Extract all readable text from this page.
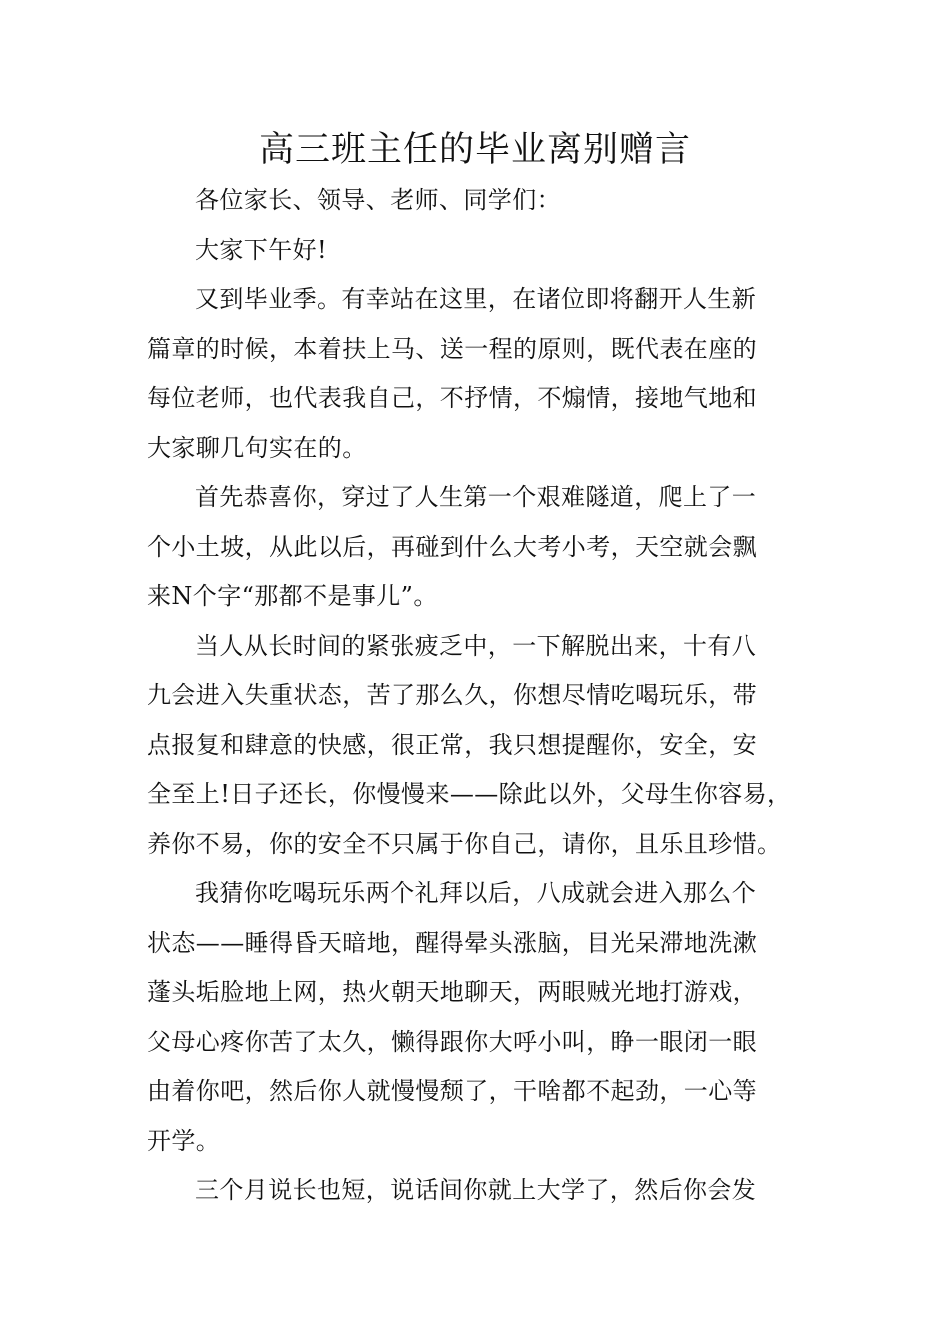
高三班主任的毕业离别赠言
各位家长、领导、老师、同学们：
大家下午好!
又到毕业季。有幸站在这里，在诸位即将翻开人生新
篇章的时候，本着扶上马、送一程的原则，既代表在座的
每位老师，也代表我自己，不抒情，不煽情，接地气地和
大家聊几句实在的。
首先恭喜你，穿过了人生第一个艰难隧道，爬上了一
个小土坡，从此以后，再碰到什么大考小考，天空就会飘
来N个字“那都不是事儿”。
当人从长时间的紧张疲乏中，一下解脱出来，十有八
九会进入失重状态，苦了那么久，你想尽情吃喝玩乐，带
点报复和肆意的快感，很正常，我只想提醒你，安全，安
全至上!日子还长，你慢慢来——除此以外，父母生你容易，
养你不易，你的安全不只属于你自己，请你，且乐且珍惜。
我猜你吃喝玩乐两个礼拜以后，八成就会进入那么个
状态——睡得昏天暗地，醒得晕头涨脑，目光呆滞地洗漱
蓬头垢脸地上网，热火朝天地聊天，两眼贼光地打游戏，
父母心疼你苦了太久，懒得跟你大呼小叫，睁一眼闭一眼
由着你吧，然后你人就慢慢颓了，干啥都不起劲，一心等
开学。
三个月说长也短，说话间你就上大学了，然后你会发
